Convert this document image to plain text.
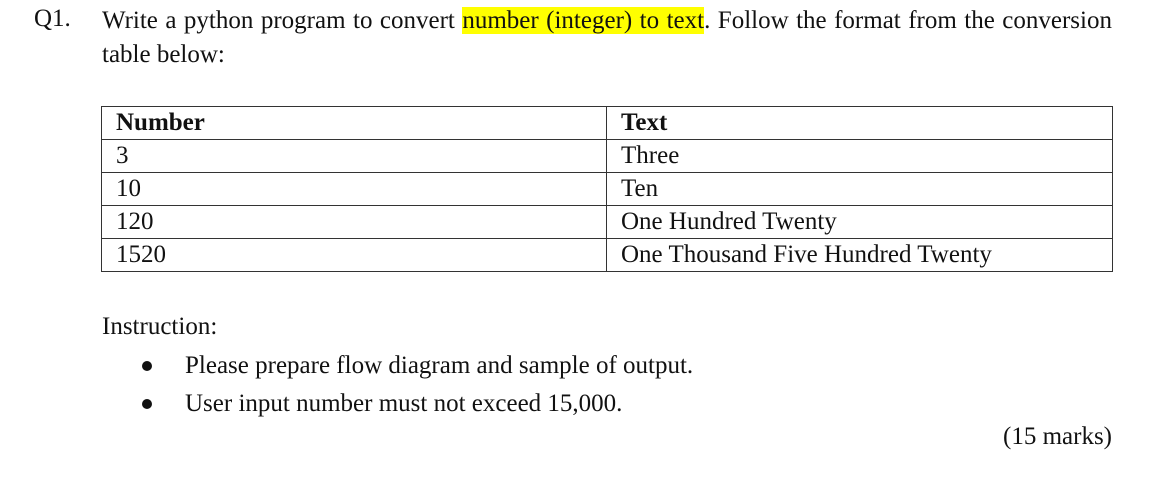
Q1. Write a python program to convert number (integer) to text. Follow the format from the conversion table below:
Number	Text
3	Three
10	Ten
120	One Hundred Twenty
1520	One Thousand Five Hundred Twenty
Instruction:
Please prepare flow diagram and sample of output.
User input number must not exceed 15,000.
(15 marks)
